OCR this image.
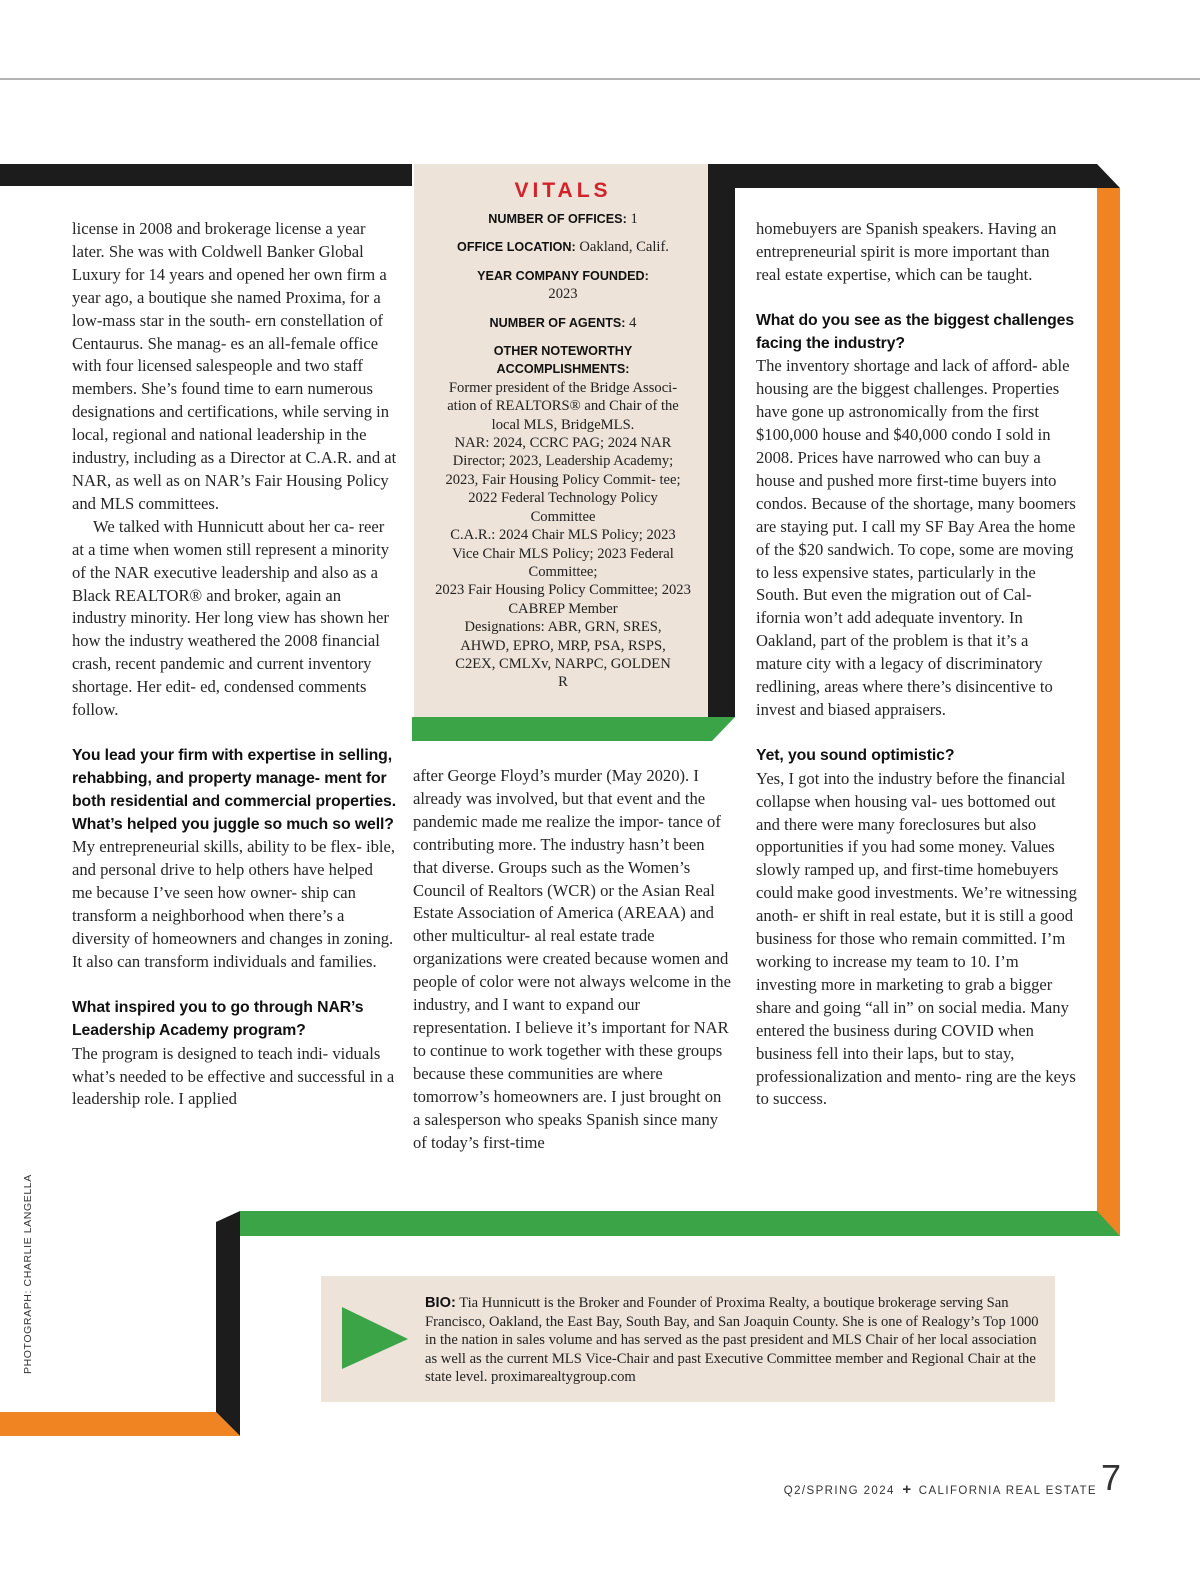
license in 2008 and brokerage license a year later. She was with Coldwell Banker Global Luxury for 14 years and opened her own firm a year ago, a boutique she named Proxima, for a low-mass star in the south- ern constellation of Centaurus. She manag- es an all-female office with four licensed salespeople and two staff members. She’s found time to earn numerous designations and certifications, while serving in local, regional and national leadership in the industry, including as a Director at C.A.R. and at NAR, as well as on NAR’s Fair Housing Policy and MLS committees.

We talked with Hunnicutt about her ca- reer at a time when women still represent a minority of the NAR executive leadership and also as a Black REALTOR® and broker, again an industry minority. Her long view has shown her how the industry weathered the 2008 financial crash, recent pandemic and current inventory shortage. Her edit- ed, condensed comments follow.

You lead your firm with expertise in selling, rehabbing, and property manage- ment for both residential and commercial properties. What’s helped you juggle so much so well?

My entrepreneurial skills, ability to be flex- ible, and personal drive to help others have helped me because I’ve seen how owner- ship can transform a neighborhood when there’s a diversity of homeowners and changes in zoning. It also can transform individuals and families.

What inspired you to go through NAR’s Leadership Academy program?

The program is designed to teach indi- viduals what’s needed to be effective and successful in a leadership role. I applied

VITALS
NUMBER OF OFFICES: 1
OFFICE LOCATION: Oakland, Calif.
YEAR COMPANY FOUNDED:
2023
NUMBER OF AGENTS: 4
OTHER NOTEWORTHY ACCOMPLISHMENTS:
Former president of the Bridge Associ- ation of REALTORS® and Chair of the local MLS, BridgeMLS.
NAR: 2024, CCRC PAG; 2024 NAR Director; 2023, Leadership Academy; 2023, Fair Housing Policy Commit- tee; 2022 Federal Technology Policy Committee
C.A.R.: 2024 Chair MLS Policy; 2023 Vice Chair MLS Policy; 2023 Federal Committee;
2023 Fair Housing Policy Committee; 2023 CABREP Member
Designations: ABR, GRN, SRES, AHWD, EPRO, MRP, PSA, RSPS, C2EX, CMLXv, NARPC, GOLDEN R

after George Floyd’s murder (May 2020). I already was involved, but that event and the pandemic made me realize the impor- tance of contributing more. The industry hasn’t been that diverse. Groups such as the Women’s Council of Realtors (WCR) or the Asian Real Estate Association of America (AREAA) and other multicultur- al real estate trade organizations were created because women and people of color were not always welcome in the industry, and I want to expand our representation. I believe it’s important for NAR to continue to work together with these groups because these communities are where tomorrow’s homeowners are. I just brought on a salesperson who speaks Spanish since many of today’s first-time

homebuyers are Spanish speakers. Having an entrepreneurial spirit is more important than real estate expertise, which can be taught.

What do you see as the biggest challenges facing the industry?

The inventory shortage and lack of afford- able housing are the biggest challenges. Properties have gone up astronomically from the first $100,000 house and $40,000 condo I sold in 2008. Prices have narrowed who can buy a house and pushed more first-time buyers into condos. Because of the shortage, many boomers are staying put. I call my SF Bay Area the home of the $20 sandwich. To cope, some are moving to less expensive states, particularly in the South. But even the migration out of Cal- ifornia won’t add adequate inventory. In Oakland, part of the problem is that it’s a mature city with a legacy of discriminatory redlining, areas where there’s disincentive to invest and biased appraisers.

Yet, you sound optimistic?

Yes, I got into the industry before the financial collapse when housing val- ues bottomed out and there were many foreclosures but also opportunities if you had some money. Values slowly ramped up, and first-time homebuyers could make good investments. We’re witnessing anoth- er shift in real estate, but it is still a good business for those who remain committed. I’m working to increase my team to 10. I’m investing more in marketing to grab a bigger share and going “all in” on social media. Many entered the business during COVID when business fell into their laps, but to stay, professionalization and mento- ring are the keys to success.

BIO: Tia Hunnicutt is the Broker and Founder of Proxima Realty, a boutique brokerage serving San Francisco, Oakland, the East Bay, South Bay, and San Joaquin County. She is one of Realogy’s Top 1000 in the nation in sales volume and has served as the past president and MLS Chair of her local association as well as the current MLS Vice-Chair and past Executive Committee member and Regional Chair at the state level. proximarealtygroup.com
PHOTOGRAPH: CHARLIE LANGELLA
Q2/SPRING 2024 + CALIFORNIA REAL ESTATE 7
